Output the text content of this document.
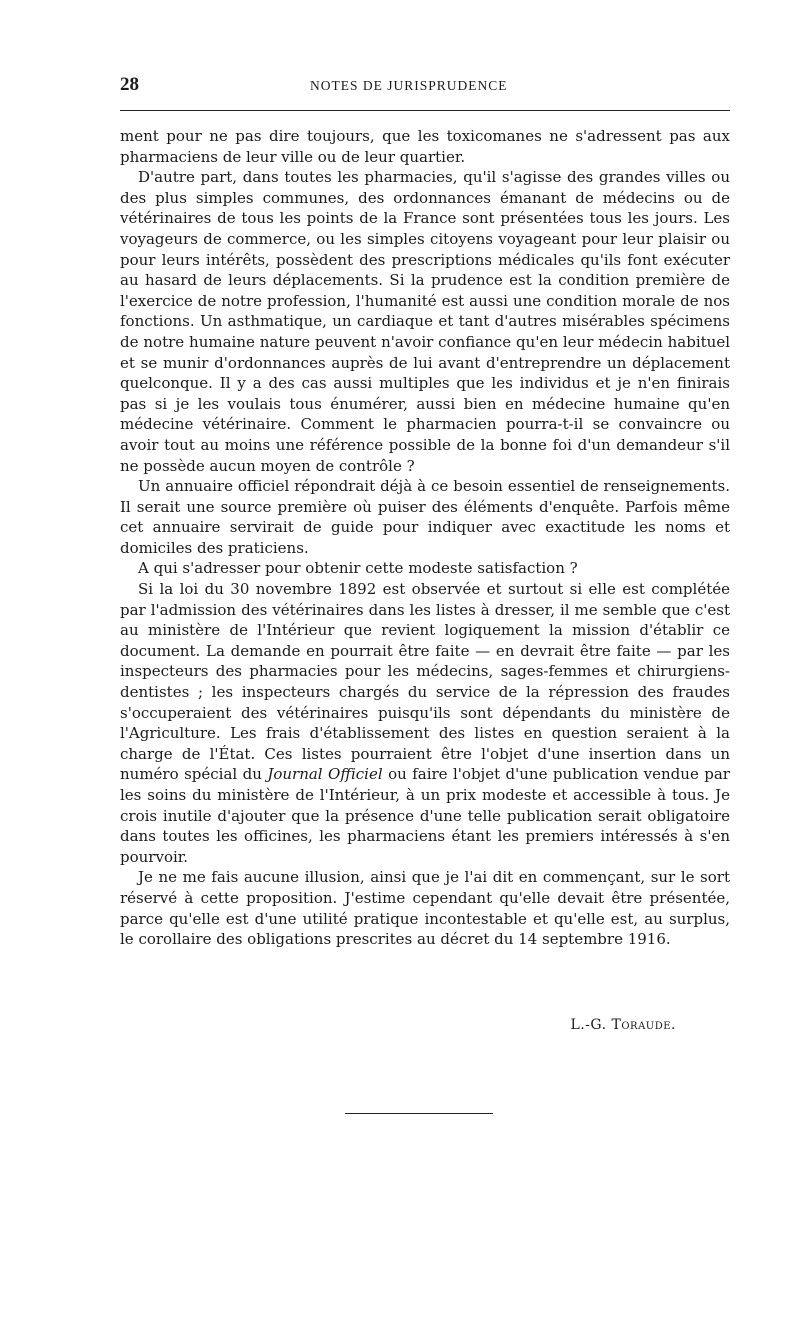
28	NOTES DE JURISPRUDENCE

ment pour ne pas dire toujours, que les toxicomanes ne s'adressent pas aux pharmaciens de leur ville ou de leur quartier.

D'autre part, dans toutes les pharmacies, qu'il s'agisse des grandes villes ou des plus simples communes, des ordonnances émanant de médecins ou de vétérinaires de tous les points de la France sont présentées tous les jours. Les voyageurs de commerce, ou les simples citoyens voyageant pour leur plaisir ou pour leurs intérêts, possèdent des prescriptions médicales qu'ils font exécuter au hasard de leurs déplacements. Si la prudence est la condition première de l'exercice de notre profession, l'humanité est aussi une condition morale de nos fonctions. Un asthmatique, un cardiaque et tant d'autres misérables spécimens de notre humaine nature peuvent n'avoir confiance qu'en leur médecin habituel et se munir d'ordonnances auprès de lui avant d'entreprendre un déplacement quelconque. Il y a des cas aussi multiples que les individus et je n'en finirais pas si je les voulais tous énumérer, aussi bien en médecine humaine qu'en médecine vétérinaire. Comment le pharmacien pourra-t-il se convaincre ou avoir tout au moins une référence possible de la bonne foi d'un demandeur s'il ne possède aucun moyen de contrôle ?

Un annuaire officiel répondrait déjà à ce besoin essentiel de renseignements. Il serait une source première où puiser des éléments d'enquête. Parfois même cet annuaire servirait de guide pour indiquer avec exactitude les noms et domiciles des praticiens.

A qui s'adresser pour obtenir cette modeste satisfaction ?

Si la loi du 30 novembre 1892 est observée et surtout si elle est complétée par l'admission des vétérinaires dans les listes à dresser, il me semble que c'est au ministère de l'Intérieur que revient logiquement la mission d'établir ce document. La demande en pourrait être faite — en devrait être faite — par les inspecteurs des pharmacies pour les médecins, sages-femmes et chirurgiens-dentistes ; les inspecteurs chargés du service de la répression des fraudes s'occuperaient des vétérinaires puisqu'ils sont dépendants du ministère de l'Agriculture. Les frais d'établissement des listes en question seraient à la charge de l'État. Ces listes pourraient être l'objet d'une insertion dans un numéro spécial du Journal Officiel ou faire l'objet d'une publication vendue par les soins du ministère de l'Intérieur, à un prix modeste et accessible à tous. Je crois inutile d'ajouter que la présence d'une telle publication serait obligatoire dans toutes les officines, les pharmaciens étant les premiers intéressés à s'en pourvoir.

Je ne me fais aucune illusion, ainsi que je l'ai dit en commençant, sur le sort réservé à cette proposition. J'estime cependant qu'elle devait être présentée, parce qu'elle est d'une utilité pratique incontestable et qu'elle est, au surplus, le corollaire des obligations prescrites au décret du 14 septembre 1916.

L.-G. Toraude.
